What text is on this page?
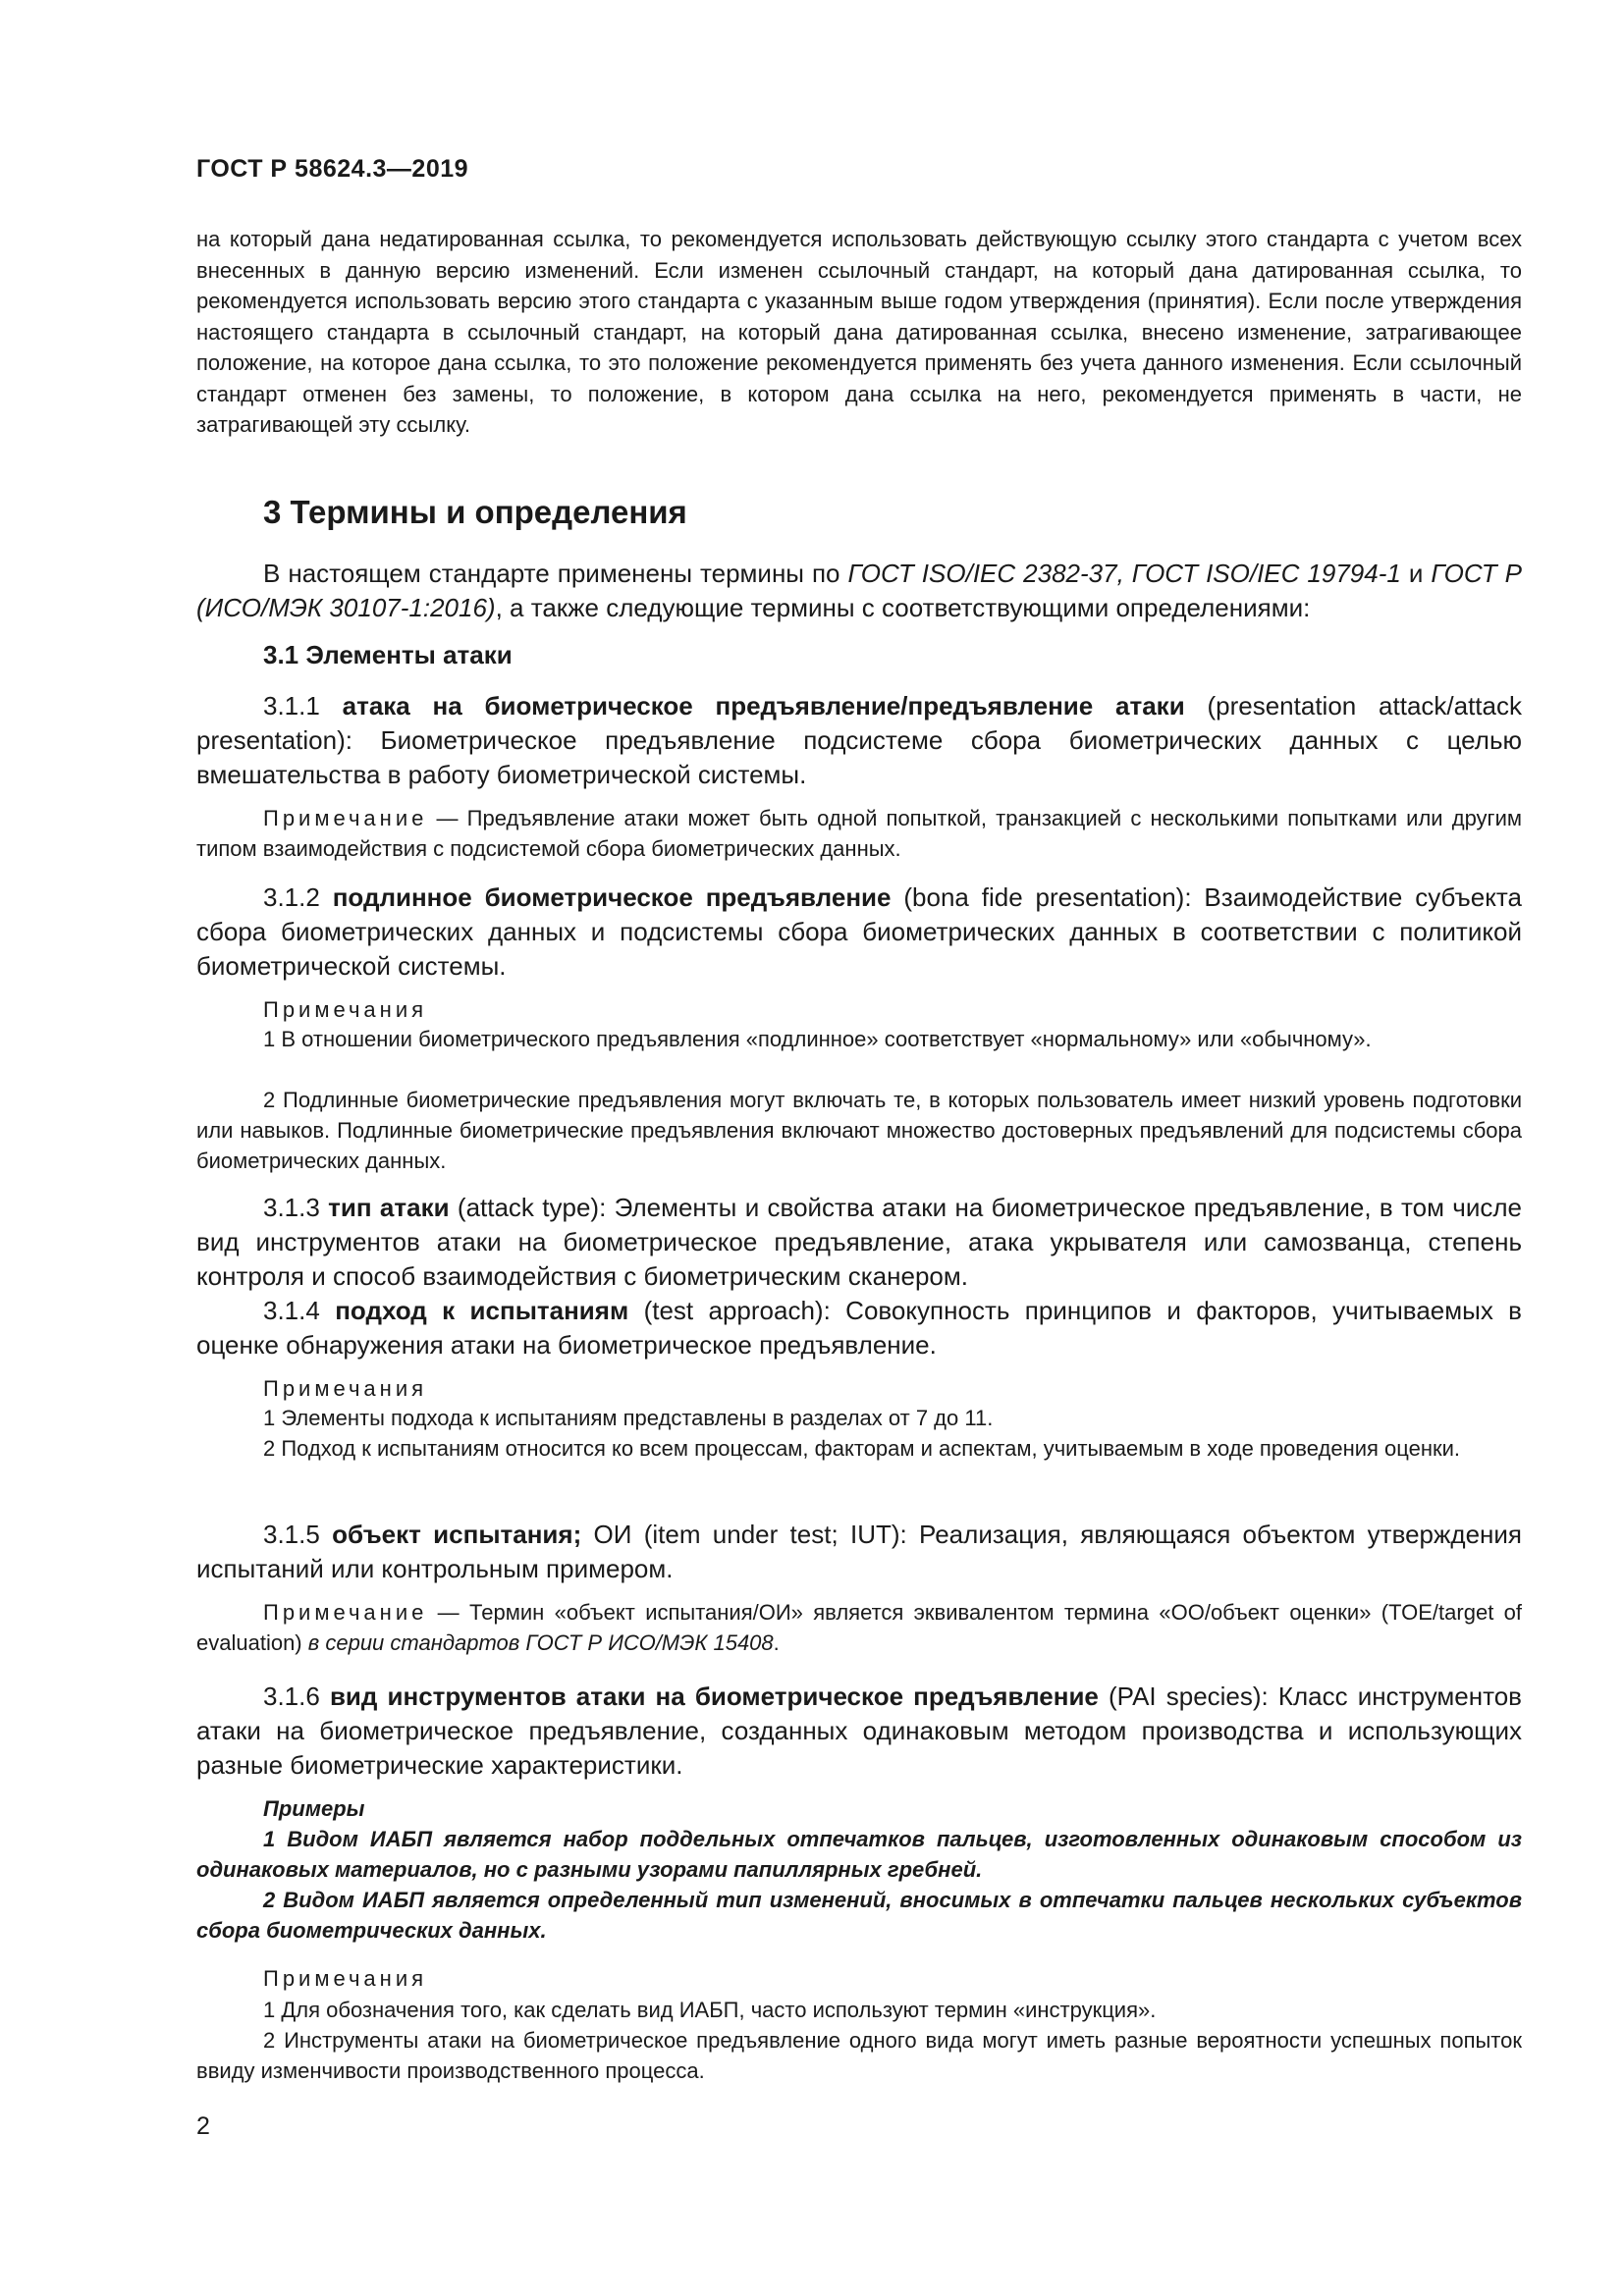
ГОСТ Р 58624.3—2019

на который дана недатированная ссылка, то рекомендуется использовать действующую ссылку этого стандарта с учетом всех внесенных в данную версию изменений. Если изменен ссылочный стандарт, на который дана датированная ссылка, то рекомендуется использовать версию этого стандарта с указанным выше годом утверждения (принятия). Если после утверждения настоящего стандарта в ссылочный стандарт, на который дана датированная ссылка, внесено изменение, затрагивающее положение, на которое дана ссылка, то это положение рекомендуется применять без учета данного изменения. Если ссылочный стандарт отменен без замены, то положение, в котором дана ссылка на него, рекомендуется применять в части, не затрагивающей эту ссылку.

3 Термины и определения

В настоящем стандарте применены термины по ГОСТ ISO/IEC 2382-37, ГОСТ ISO/IEC 19794-1 и ГОСТ Р (ИСО/МЭК 30107-1:2016), а также следующие термины с соответствующими определениями:

3.1 Элементы атаки

3.1.1 атака на биометрическое предъявление/предъявление атаки (presentation attack/attack presentation): Биометрическое предъявление подсистеме сбора биометрических данных с целью вмешательства в работу биометрической системы.

Примечание — Предъявление атаки может быть одной попыткой, транзакцией с несколькими попытками или другим типом взаимодействия с подсистемой сбора биометрических данных.

3.1.2 подлинное биометрическое предъявление (bona fide presentation): Взаимодействие субъекта сбора биометрических данных и подсистемы сбора биометрических данных в соответствии с политикой биометрической системы.

Примечания

1 В отношении биометрического предъявления «подлинное» соответствует «нормальному» или «обычному».

2 Подлинные биометрические предъявления могут включать те, в которых пользователь имеет низкий уровень подготовки или навыков. Подлинные биометрические предъявления включают множество достоверных предъявлений для подсистемы сбора биометрических данных.

3.1.3 тип атаки (attack type): Элементы и свойства атаки на биометрическое предъявление, в том числе вид инструментов атаки на биометрическое предъявление, атака укрывателя или самозванца, степень контроля и способ взаимодействия с биометрическим сканером.

3.1.4 подход к испытаниям (test approach): Совокупность принципов и факторов, учитываемых в оценке обнаружения атаки на биометрическое предъявление.

Примечания

1 Элементы подхода к испытаниям представлены в разделах от 7 до 11.

2 Подход к испытаниям относится ко всем процессам, факторам и аспектам, учитываемым в ходе проведения оценки.

3.1.5 объект испытания; ОИ (item under test; IUT): Реализация, являющаяся объектом утверждения испытаний или контрольным примером.

Примечание — Термин «объект испытания/ОИ» является эквивалентом термина «ОО/объект оценки» (TOE/target of evaluation) в серии стандартов ГОСТ Р ИСО/МЭК 15408.

3.1.6 вид инструментов атаки на биометрическое предъявление (PAI species): Класс инструментов атаки на биометрическое предъявление, созданных одинаковым методом производства и использующих разные биометрические характеристики.

Примеры

1 Видом ИАБП является набор поддельных отпечатков пальцев, изготовленных одинаковым способом из одинаковых материалов, но с разными узорами папиллярных гребней.

2 Видом ИАБП является определенный тип изменений, вносимых в отпечатки пальцев нескольких субъектов сбора биометрических данных.

Примечания

1 Для обозначения того, как сделать вид ИАБП, часто используют термин «инструкция».

2 Инструменты атаки на биометрическое предъявление одного вида могут иметь разные вероятности успешных попыток ввиду изменчивости производственного процесса.

2
